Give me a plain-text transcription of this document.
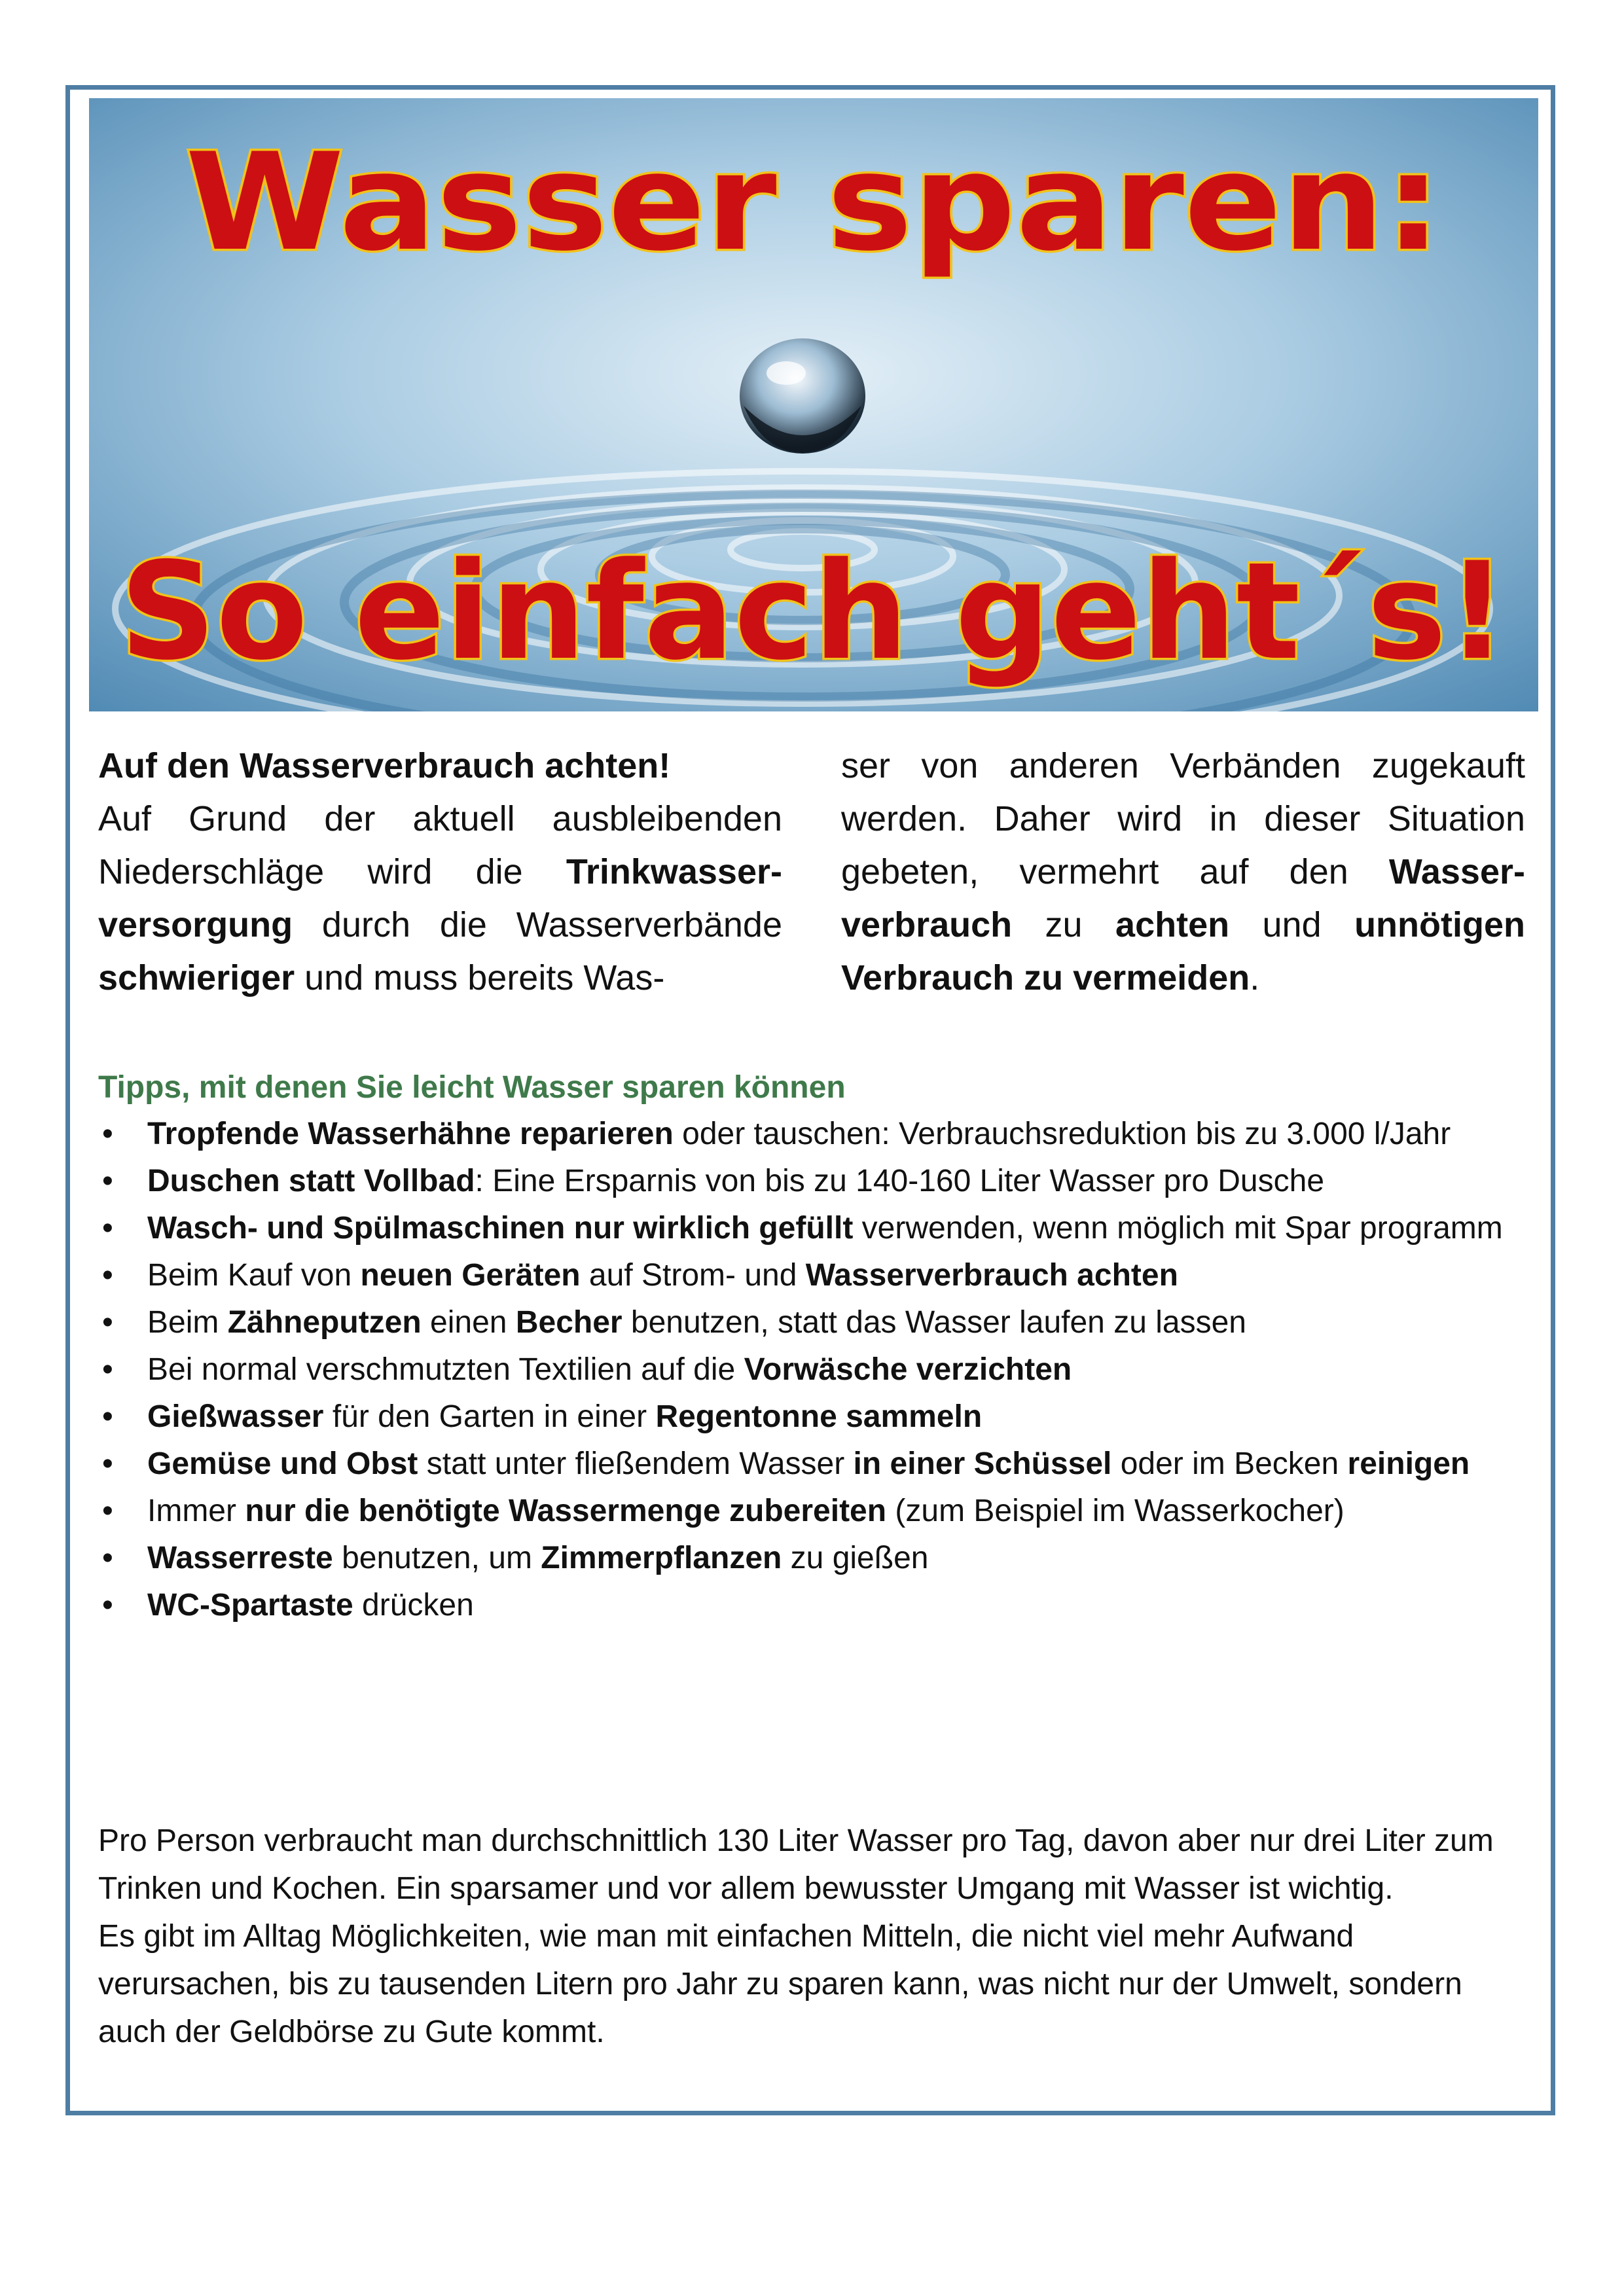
Wasser sparen:
So einfach geht´s!
Auf den Wasserverbrauch achten!
Auf Grund der aktuell ausbleibenden Niederschläge wird die Trinkwasserversorgung durch die Wasserverbände schwieriger und muss bereits Was-
ser von anderen Verbänden zugekauft werden. Daher wird in dieser Situation gebeten, vermehrt auf den Wasserverbrauch zu achten und unnötigen Verbrauch zu vermeiden.
Tipps, mit denen Sie leicht Wasser sparen können
• Tropfende Wasserhähne reparieren oder tauschen: Verbrauchsreduktion bis zu 3.000 l/Jahr
• Duschen statt Vollbad: Eine Ersparnis von bis zu 140-160 Liter Wasser pro Dusche
• Wasch- und Spülmaschinen nur wirklich gefüllt verwenden, wenn möglich mit Spar programm
• Beim Kauf von neuen Geräten auf Strom- und Wasserverbrauch achten
• Beim Zähneputzen einen Becher benutzen, statt das Wasser laufen zu lassen
• Bei normal verschmutzten Textilien auf die Vorwäsche verzichten
• Gießwasser für den Garten in einer Regentonne sammeln
• Gemüse und Obst statt unter fließendem Wasser in einer Schüssel oder im Becken reinigen
• Immer nur die benötigte Wassermenge zubereiten (zum Beispiel im Wasserkocher)
• Wasserreste benutzen, um Zimmerpflanzen zu gießen
• WC-Spartaste drücken

Pro Person verbraucht man durchschnittlich 130 Liter Wasser pro Tag, davon aber nur drei Liter zum Trinken und Kochen. Ein sparsamer und vor allem bewusster Umgang mit Wasser ist wichtig.

Es gibt im Alltag Möglichkeiten, wie man mit einfachen Mitteln, die nicht viel mehr Aufwand verursachen, bis zu tausenden Litern pro Jahr zu sparen kann, was nicht nur der Umwelt, sondern auch der Geldbörse zu Gute kommt.
